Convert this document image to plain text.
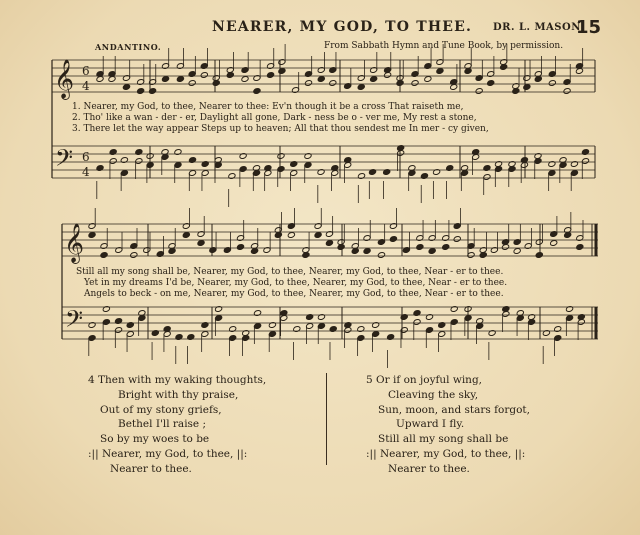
NEARER, MY GOD, TO THEE. DR. L. MASON
15
ANDANTINO.	From Sabbath Hymn and Tune Book, by permission.
𝄞
𝄢
6
4
6
4
𝄞
𝄢
1. Nearer, my God, to thee, Nearer to thee: Ev'n though it be a cross That raiseth me,
2. Tho' like a wan - der - er, Daylight all gone, Dark - ness be o - ver me, My rest a stone,
3. There let the way appear Steps up to heaven; All that thou sendest me In mer - cy given,
Still all my song shall be, Nearer, my God, to thee, Nearer, my God, to thee, Near - er to thee.
Yet in my dreams I'd be, Nearer, my God, to thee, Nearer, my God, to thee, Near - er to thee.
Angels to beck - on me, Nearer, my God, to thee, Nearer, my God, to thee, Near - er to thee.
4 Then with my waking thoughts,
Bright with thy praise,
Out of my stony griefs,
Bethel I'll raise ;
So by my woes to be
:|| Nearer, my God, to thee, ||:
Nearer to thee.
5 Or if on joyful wing,
Cleaving the sky,
Sun, moon, and stars forgot,
Upward I fly.
Still all my song shall be
:|| Nearer, my God, to thee, ||:
Nearer to thee.
